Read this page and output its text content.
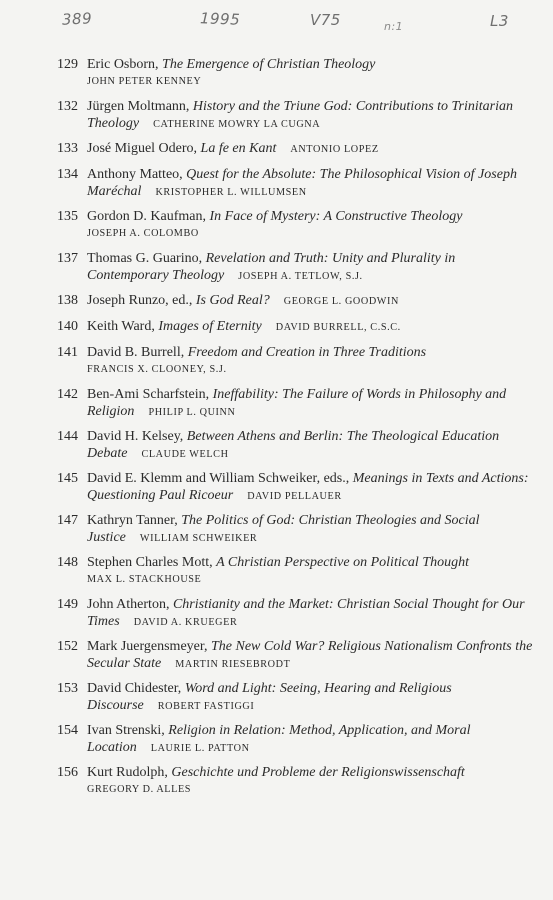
389	1995	V75	n:1	L3
129 Eric Osborn, The Emergence of Christian Theology
JOHN PETER KENNEY
132 Jürgen Moltmann, History and the Triune God: Contributions to Trinitarian Theology CATHERINE MOWRY LA CUGNA
133 José Miguel Odero, La fe en Kant ANTONIO LOPEZ
134 Anthony Matteo, Quest for the Absolute: The Philosophical Vision of Joseph Maréchal KRISTOPHER L. WILLUMSEN
135 Gordon D. Kaufman, In Face of Mystery: A Constructive Theology
JOSEPH A. COLOMBO
137 Thomas G. Guarino, Revelation and Truth: Unity and Plurality in Contemporary Theology JOSEPH A. TETLOW, S.J.
138 Joseph Runzo, ed., Is God Real? GEORGE L. GOODWIN
140 Keith Ward, Images of Eternity DAVID BURRELL, C.S.C.
141 David B. Burrell, Freedom and Creation in Three Traditions
FRANCIS X. CLOONEY, S.J.
142 Ben-Ami Scharfstein, Ineffability: The Failure of Words in Philosophy and Religion PHILIP L. QUINN
144 David H. Kelsey, Between Athens and Berlin: The Theological Education Debate CLAUDE WELCH
145 David E. Klemm and William Schweiker, eds., Meanings in Texts and Actions: Questioning Paul Ricoeur DAVID PELLAUER
147 Kathryn Tanner, The Politics of God: Christian Theologies and Social Justice WILLIAM SCHWEIKER
148 Stephen Charles Mott, A Christian Perspective on Political Thought
MAX L. STACKHOUSE
149 John Atherton, Christianity and the Market: Christian Social Thought for Our Times DAVID A. KRUEGER
152 Mark Juergensmeyer, The New Cold War? Religious Nationalism Confronts the Secular State MARTIN RIESEBRODT
153 David Chidester, Word and Light: Seeing, Hearing and Religious Discourse ROBERT FASTIGGI
154 Ivan Strenski, Religion in Relation: Method, Application, and Moral Location LAURIE L. PATTON
156 Kurt Rudolph, Geschichte und Probleme der Religionswissenschaft
GREGORY D. ALLES
